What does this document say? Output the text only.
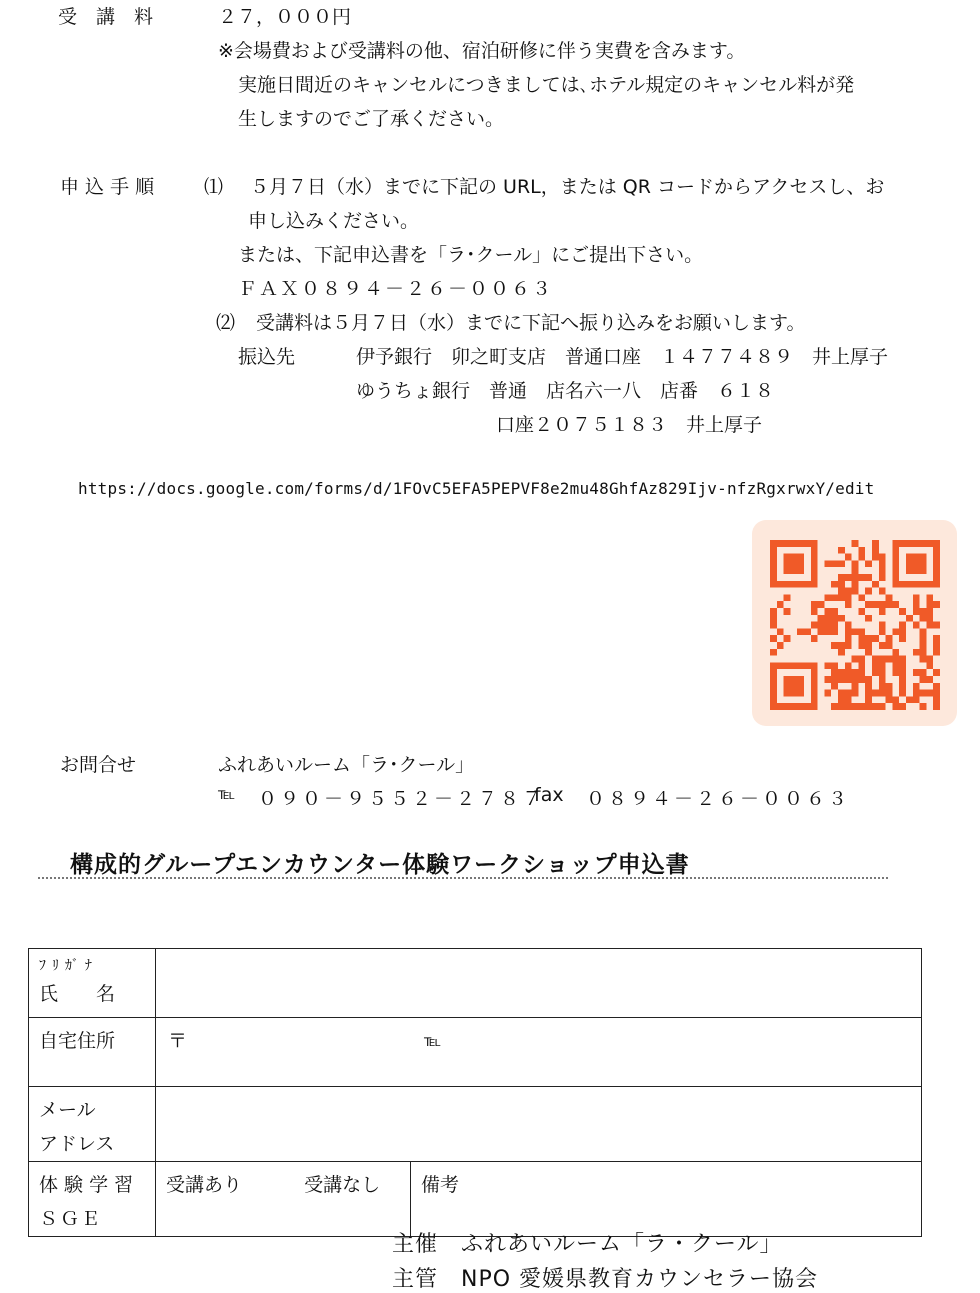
受　講　料	２７，０００円
※会場費および受講料の他、宿泊研修に伴う実費を含みます。
実施日間近のキャンセルにつきましては､ホテル規定のキャンセル料が発
生しますのでご了承ください。
申 込 手 順	⑴ ５月７日（水）までに下記の URL，または QR コードからアクセスし、お
申し込みください。
または、下記申込書を「ラ･クール」にご提出下さい。
ＦＡＸ０８９４－２６－００６３
⑵ 受講料は５月７日（水）までに下記へ振り込みをお願いします。
振込先	伊予銀行　卯之町支店　普通口座　１４７７４８９　井上厚子
ゆうちょ銀行　普通　店名六一八　店番　６１８
口座２０７５１８３　井上厚子
https://docs.google.com/forms/d/1FOvC5EFA5PEPVF8e2mu48GhfAz829Ijv-nfzRgxrwxY/edit
お問合せ	ふれあいルーム「ラ･クール」
℡ ０９０－９５５２－２７８７
fax ０８９４－２６－００６３
構成的グループエンカウンター体験ワークショップ申込書
ﾌﾘｶﾞﾅ
氏　　名		

自宅住所	〒 ℡	

メール
アドレス		

体 験 学 習
ＳＧＥ	受講あり 受講なし	備考
主催　ふれあいルーム「ラ・クール」
主管　NPO 愛媛県教育カウンセラー協会
